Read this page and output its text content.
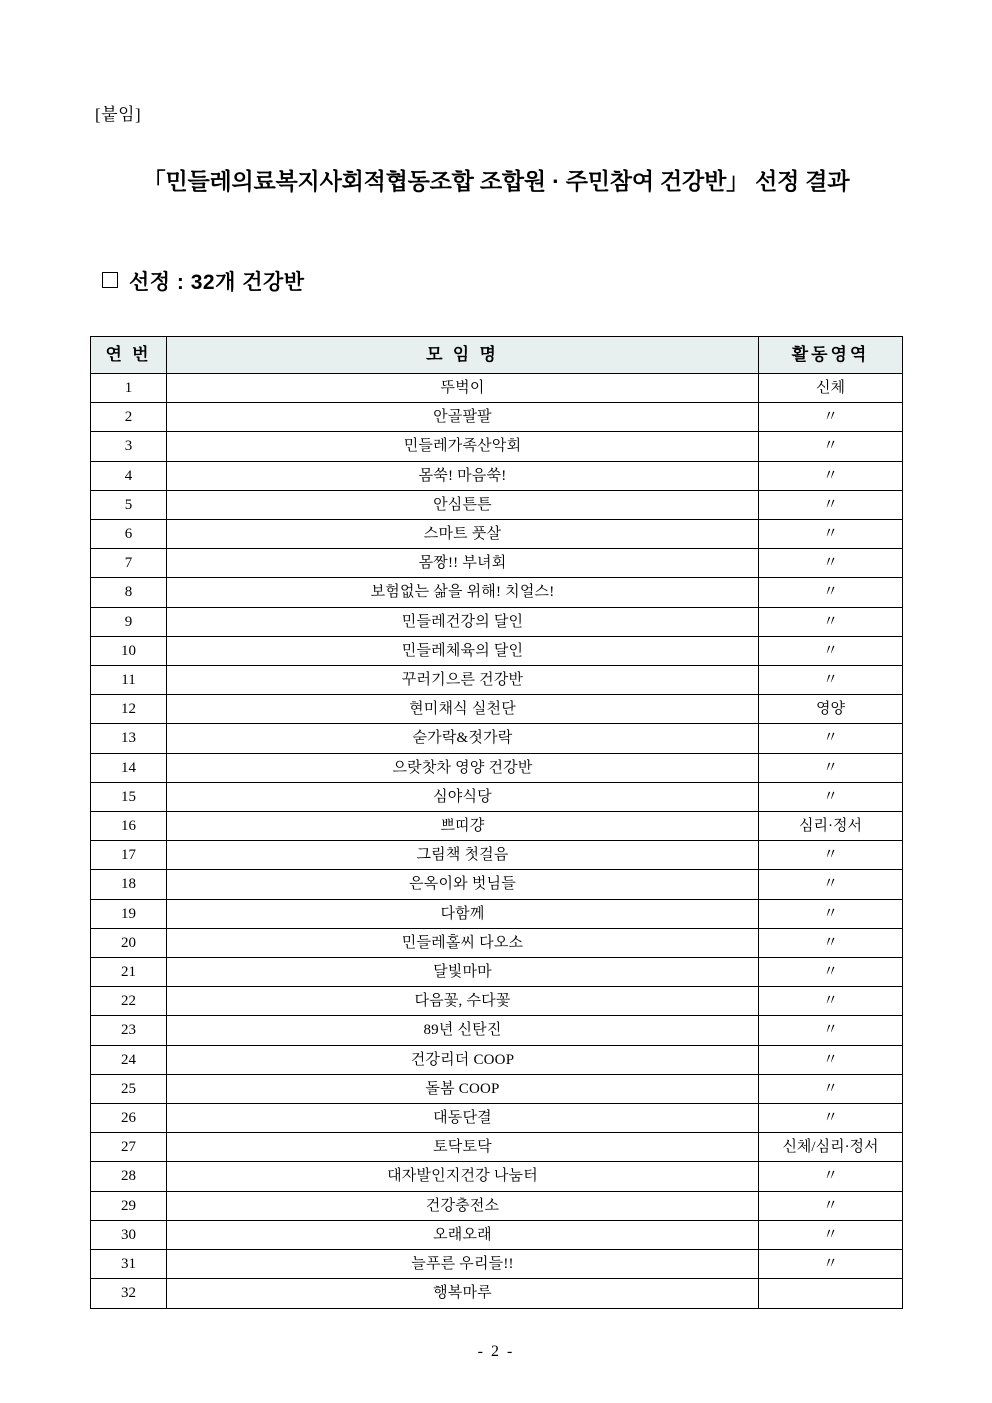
[붙임]
「민들레의료복지사회적협동조합 조합원 · 주민참여 건강반」 선정 결과
선정 : 32개 건강반
연 번	모 임 명	활동영역
1	뚜벅이	신체
2	안골팔팔	〃
3	민들레가족산악회	〃
4	몸쑥! 마음쑥!	〃
5	안심튼튼	〃
6	스마트 풋살	〃
7	몸짱!! 부녀회	〃
8	보험없는 삶을 위해! 치얼스!	〃
9	민들레건강의 달인	〃
10	민들레체육의 달인	〃
11	꾸러기으른 건강반	〃
12	현미채식 실천단	영양
13	숟가락&젓가락	〃
14	으랏찻차 영양 건강반	〃
15	심야식당	〃
16	쁘띠걍	심리·정서
17	그림책 첫걸음	〃
18	은옥이와 벗님들	〃
19	다함께	〃
20	민들레홀씨 다오소	〃
21	달빛마마	〃
22	다음꽃, 수다꽃	〃
23	89년 신탄진	〃
24	건강리더 COOP	〃
25	돌봄 COOP	〃
26	대동단결	〃
27	토닥토닥	신체/심리·정서
28	대자발인지건강 나눔터	〃
29	건강충전소	〃
30	오래오래	〃
31	늘푸른 우리들!!	〃
32	행복마루	
- 2 -
